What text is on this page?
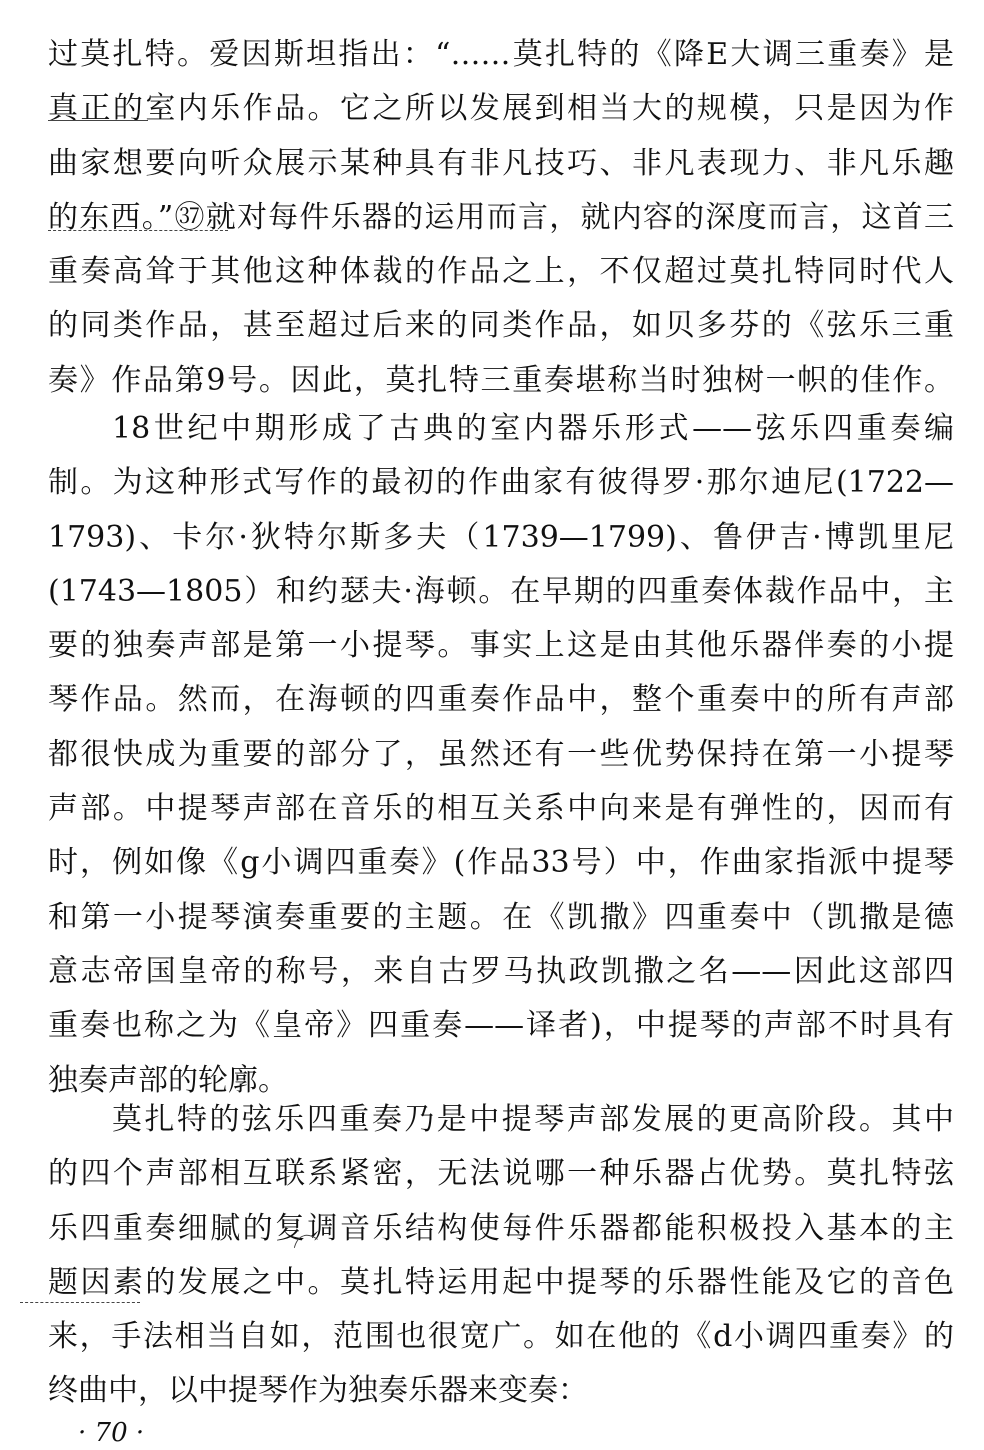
过莫扎特。爱因斯坦指出：“……莫扎特的《降E大调三重奏》是
真正的室内乐作品。它之所以发展到相当大的规模，只是因为作
曲家想要向听众展示某种具有非凡技巧、非凡表现力、非凡乐趣
的东西。”㊲就对每件乐器的运用而言，就内容的深度而言，这首三
重奏高耸于其他这种体裁的作品之上，不仅超过莫扎特同时代人
的同类作品，甚至超过后来的同类作品，如贝多芬的《弦乐三重
奏》作品第9号。因此，莫扎特三重奏堪称当时独树一帜的佳作。
18世纪中期形成了古典的室内器乐形式——弦乐四重奏编
制。为这种形式写作的最初的作曲家有彼得罗·那尔迪尼(1722—
1793)、卡尔·狄特尔斯多夫（1739—1799)、鲁伊吉·博凯里尼
(1743—1805）和约瑟夫·海顿。在早期的四重奏体裁作品中，主
要的独奏声部是第一小提琴。事实上这是由其他乐器伴奏的小提
琴作品。然而，在海顿的四重奏作品中，整个重奏中的所有声部
都很快成为重要的部分了，虽然还有一些优势保持在第一小提琴
声部。中提琴声部在音乐的相互关系中向来是有弹性的，因而有
时，例如像《g小调四重奏》(作品33号）中，作曲家指派中提琴
和第一小提琴演奏重要的主题。在《凯撒》四重奏中（凯撒是德
意志帝国皇帝的称号，来自古罗马执政凯撒之名——因此这部四
重奏也称之为《皇帝》四重奏——译者)，中提琴的声部不时具有
独奏声部的轮廓。
莫扎特的弦乐四重奏乃是中提琴声部发展的更高阶段。其中
的四个声部相互联系紧密，无法说哪一种乐器占优势。莫扎特弦
乐四重奏细腻的复调音乐结构使每件乐器都能积极投入基本的主
题因素的发展之中。莫扎特运用起中提琴的乐器性能及它的音色
来，手法相当自如，范围也很宽广。如在他的《d小调四重奏》的
终曲中，以中提琴作为独奏乐器来变奏：
· 70 ·
